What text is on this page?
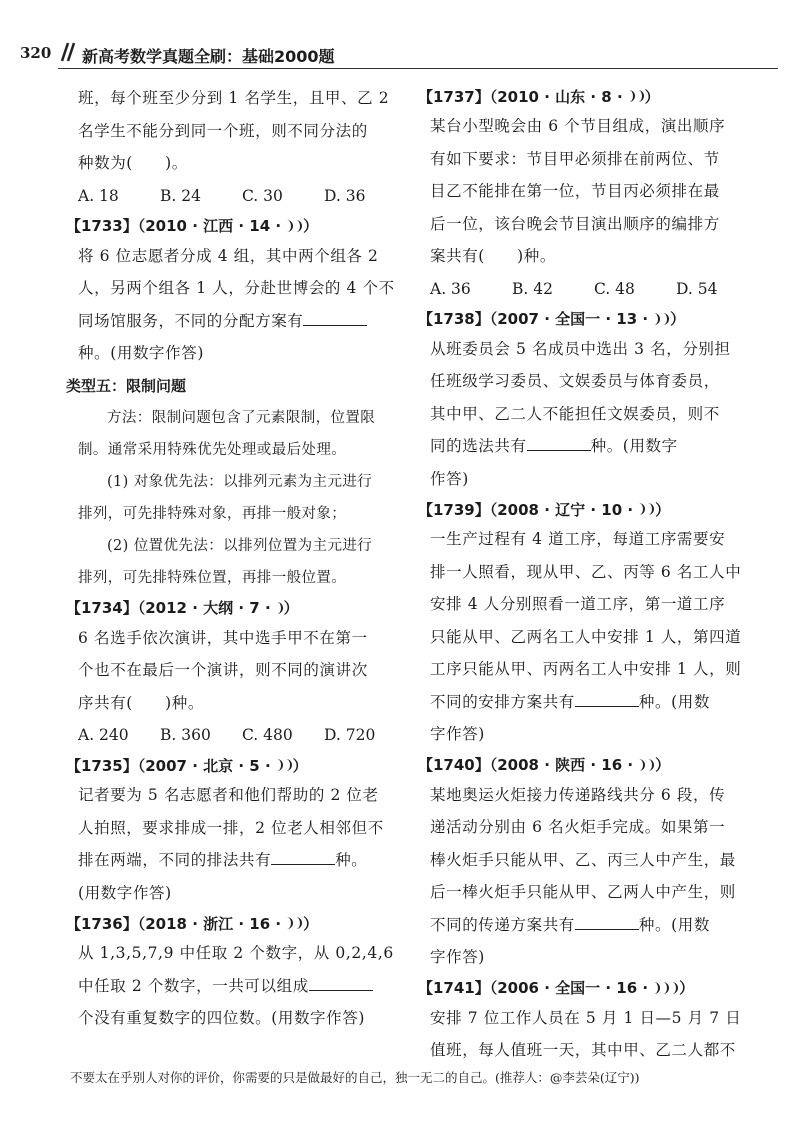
320 新高考数学真题全刷：基础2000题
班，每个班至少分到 1 名学生，且甲、乙 2
名学生不能分到同一个班，则不同分法的
种数为(　　)。
A. 18	B. 24	C. 30	D. 36
【1733】（2010 · 江西 · 14 · ）
将 6 位志愿者分成 4 组，其中两个组各 2
人，另两个组各 1 人，分赴世博会的 4 个不
同场馆服务，不同的分配方案有
种。(用数字作答)
类型五：限制问题
方法：限制问题包含了元素限制，位置限
制。通常采用特殊优先处理或最后处理。
(1) 对象优先法：以排列元素为主元进行
排列，可先排特殊对象，再排一般对象；
(2) 位置优先法：以排列位置为主元进行
排列，可先排特殊位置，再排一般位置。
【1734】（2012 · 大纲 · 7 · ）
6 名选手依次演讲，其中选手甲不在第一
个也不在最后一个演讲，则不同的演讲次
序共有(　　)种。
A. 240	B. 360	C. 480	D. 720
【1735】（2007 · 北京 · 5 · ）
记者要为 5 名志愿者和他们帮助的 2 位老
人拍照，要求排成一排，2 位老人相邻但不
排在两端，不同的排法共有	种。
(用数字作答)
【1736】（2018 · 浙江 · 16 · ）
从 1,3,5,7,9 中任取 2 个数字，从 0,2,4,6
中任取 2 个数字，一共可以组成
个没有重复数字的四位数。(用数字作答)
【1737】（2010 · 山东 · 8 · ）
某台小型晚会由 6 个节目组成，演出顺序
有如下要求：节目甲必须排在前两位、节
目乙不能排在第一位，节目丙必须排在最
后一位，该台晚会节目演出顺序的编排方
案共有(　　)种。
A. 36	B. 42	C. 48	D. 54
【1738】（2007 · 全国一 · 13 · ）
从班委员会 5 名成员中选出 3 名，分别担
任班级学习委员、文娱委员与体育委员，
其中甲、乙二人不能担任文娱委员，则不
同的选法共有	种。(用数字
作答)
【1739】（2008 · 辽宁 · 10 · ）
一生产过程有 4 道工序，每道工序需要安
排一人照看，现从甲、乙、丙等 6 名工人中
安排 4 人分别照看一道工序，第一道工序
只能从甲、乙两名工人中安排 1 人，第四道
工序只能从甲、丙两名工人中安排 1 人，则
不同的安排方案共有	种。(用数
字作答)
【1740】（2008 · 陕西 · 16 · ）
某地奥运火炬接力传递路线共分 6 段，传
递活动分别由 6 名火炬手完成。如果第一
棒火炬手只能从甲、乙、丙三人中产生，最
后一棒火炬手只能从甲、乙两人中产生，则
不同的传递方案共有	种。(用数
字作答)
【1741】（2006 · 全国一 · 16 · ）
安排 7 位工作人员在 5 月 1 日—5 月 7 日
值班，每人值班一天，其中甲、乙二人都不
不要太在乎别人对你的评价，你需要的只是做最好的自己，独一无二的自己。(推荐人：@李芸朵(辽宁))
